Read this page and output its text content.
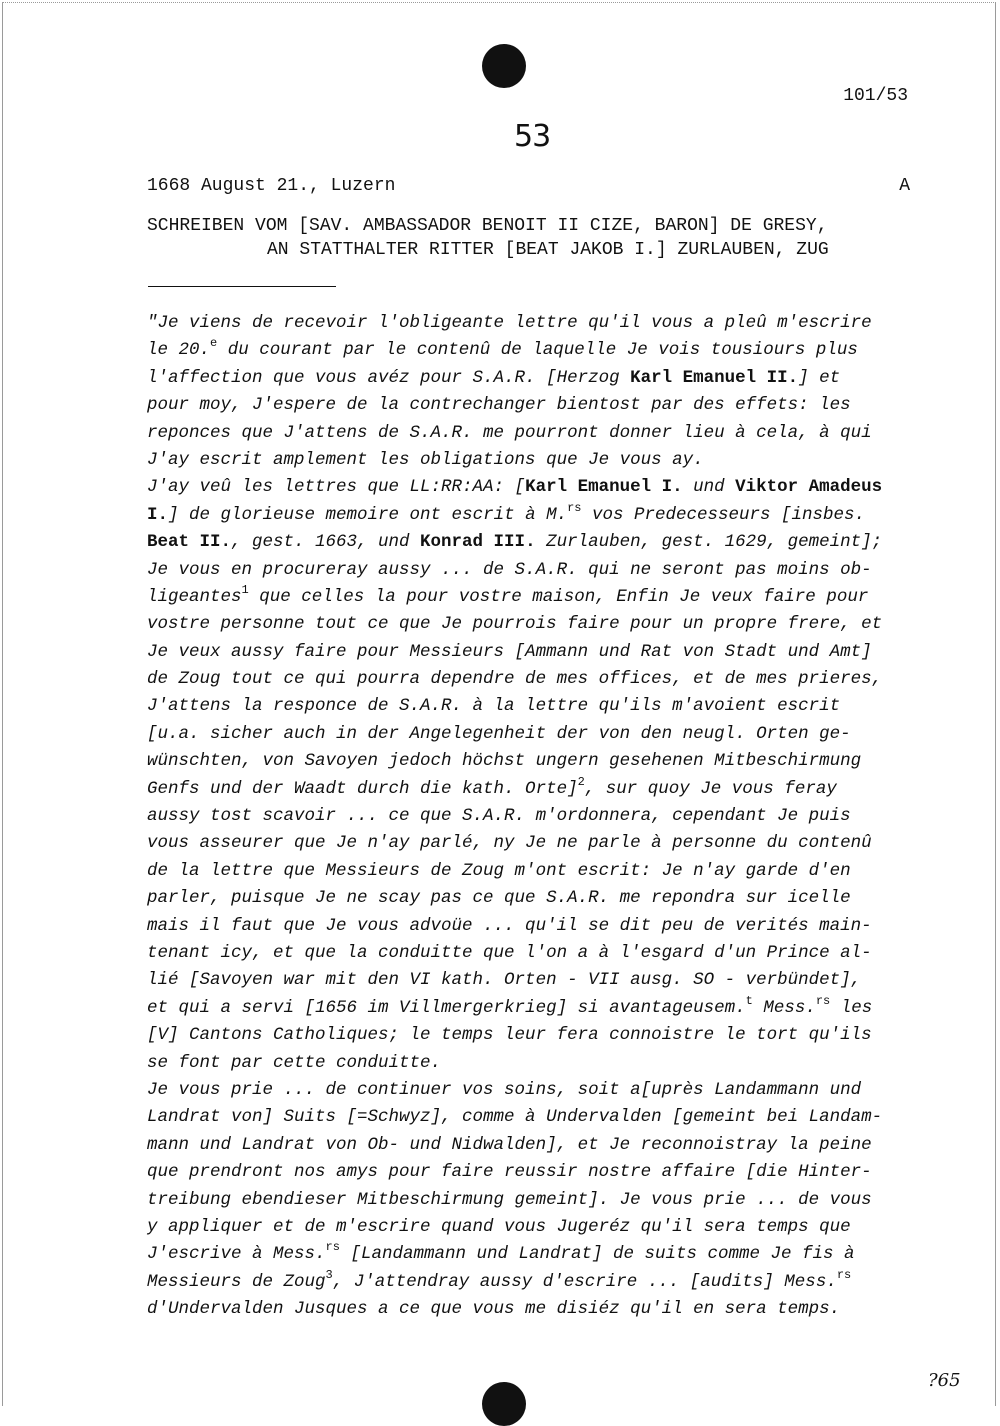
101/53
53
1668 August 21., Luzern	A
SCHREIBEN VOM [SAV. AMBASSADOR BENOIT II CIZE, BARON] DE GRESY,
AN STATTHALTER RITTER [BEAT JAKOB I.] ZURLAUBEN, ZUG
"Je viens de recevoir l'obligeante lettre qu'il vous a pleû m'escrire
le 20.$^e$ du courant par le contenû de laquelle Je vois tousiours plus
l'affection que vous avéz pour S.A.R. [Herzog Karl Emanuel II.] et
pour moy, J'espere de la contrechanger bientost par des effets: les
reponces que J'attens de S.A.R. me pourront donner lieu à cela, à qui
J'ay escrit amplement les obligations que Je vous ay.
J'ay veû les lettres que LL:RR:AA: [Karl Emanuel I. und Viktor Amadeus
I.] de glorieuse memoire ont escrit à M.$^{rs}$ vos Predecesseurs [insbes.
Beat II., gest. 1663, und Konrad III. Zurlauben, gest. 1629, gemeint];
Je vous en procureray aussy ... de S.A.R. qui ne seront pas moins ob-
ligeantes$^1$ que celles la pour vostre maison, Enfin Je veux faire pour
vostre personne tout ce que Je pourrois faire pour un propre frere, et
Je veux aussy faire pour Messieurs [Ammann und Rat von Stadt und Amt]
de Zoug tout ce qui pourra dependre de mes offices, et de mes prieres,
J'attens la responce de S.A.R. à la lettre qu'ils m'avoient escrit
[u.a. sicher auch in der Angelegenheit der von den neugl. Orten ge-
wünschten, von Savoyen jedoch höchst ungern gesehenen Mitbeschirmung
Genfs und der Waadt durch die kath. Orte]$^2$, sur quoy Je vous feray
aussy tost scavoir ... ce que S.A.R. m'ordonnera, cependant Je puis
vous asseurer que Je n'ay parlé, ny Je ne parle à personne du contenû
de la lettre que Messieurs de Zoug m'ont escrit: Je n'ay garde d'en
parler, puisque Je ne scay pas ce que S.A.R. me repondra sur icelle
mais il faut que Je vous advoüe ... qu'il se dit peu de verités main-
tenant icy, et que la conduitte que l'on a à l'esgard d'un Prince al-
lié [Savoyen war mit den VI kath. Orten - VII ausg. SO - verbündet],
et qui a servi [1656 im Villmergerkrieg] si avantageusem.$^t$ Mess.$^{rs}$ les
[V] Cantons Catholiques; le temps leur fera connoistre le tort qu'ils
se font par cette conduitte.
Je vous prie ... de continuer vos soins, soit a[uprès Landammann und
Landrat von] Suits [=Schwyz], comme à Undervalden [gemeint bei Landam-
mann und Landrat von Ob- und Nidwalden], et Je reconnoistray la peine
que prendront nos amys pour faire reussir nostre affaire [die Hinter-
treibung ebendieser Mitbeschirmung gemeint]. Je vous prie ... de vous
y appliquer et de m'escrire quand vous Jugeréz qu'il sera temps que
J'escrive à Mess.$^{rs}$ [Landammann und Landrat] de suits comme Je fis à
Messieurs de Zoug$^3$, J'attendray aussy d'escrire ... [audits] Mess.$^{rs}$
d'Undervalden Jusques a ce que vous me disiéz qu'il en sera temps.
?65
